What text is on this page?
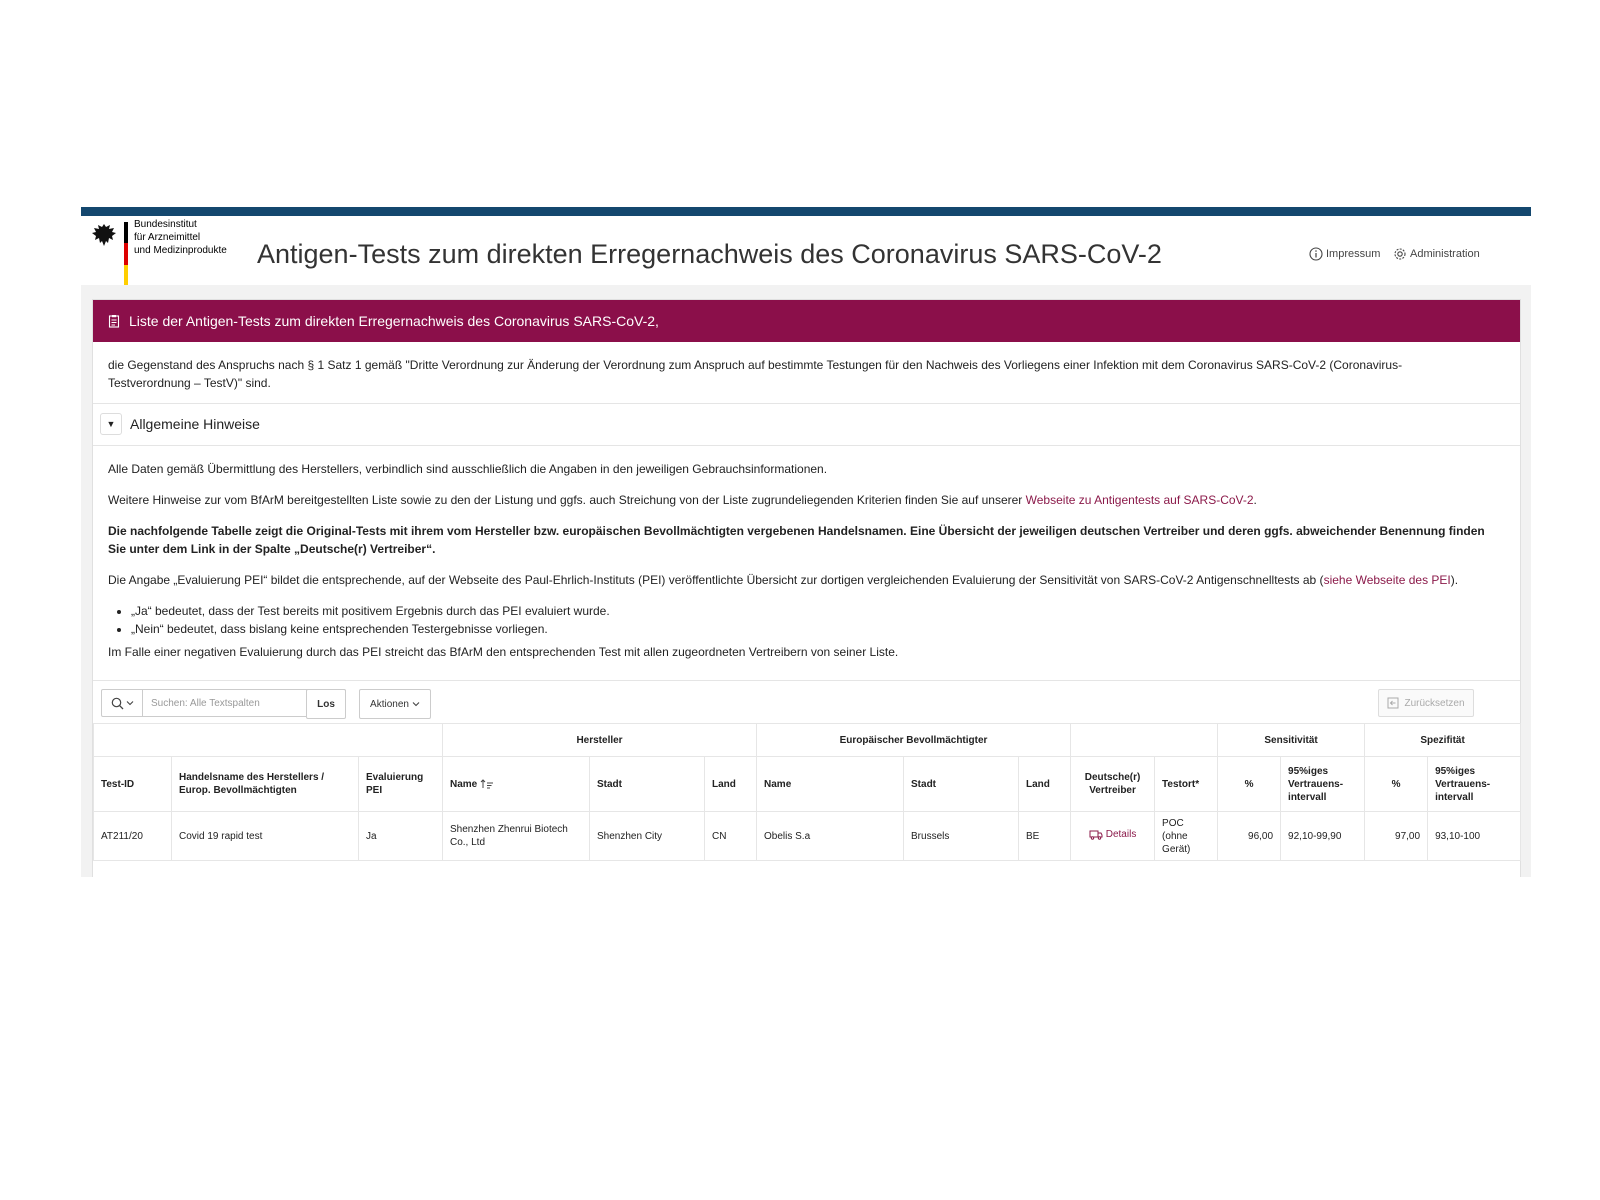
Bundesinstitut
für Arzneimittel
und Medizinprodukte Antigen-Tests zum direkten Erregernachweis des Coronavirus SARS-CoV-2	Impressum	Administration
Liste der Antigen-Tests zum direkten Erregernachweis des Coronavirus SARS-CoV-2,
die Gegenstand des Anspruchs nach § 1 Satz 1 gemäß "Dritte Verordnung zur Änderung der Verordnung zum Anspruch auf bestimmte Testungen für den Nachweis des Vorliegens einer Infektion mit dem Coronavirus SARS-CoV-2 (Coronavirus-Testverordnung – TestV)" sind.
▼	Allgemeine Hinweise

Alle Daten gemäß Übermittlung des Herstellers, verbindlich sind ausschließlich die Angaben in den jeweiligen Gebrauchsinformationen.

Weitere Hinweise zur vom BfArM bereitgestellten Liste sowie zu den der Listung und ggfs. auch Streichung von der Liste zugrundeliegenden Kriterien finden Sie auf unserer Webseite zu Antigentests auf SARS-CoV-2.

Die nachfolgende Tabelle zeigt die Original-Tests mit ihrem vom Hersteller bzw. europäischen Bevollmächtigten vergebenen Handelsnamen. Eine Übersicht der jeweiligen deutschen Vertreiber und deren ggfs. abweichender Benennung finden Sie unter dem Link in der Spalte „Deutsche(r) Vertreiber“.

Die Angabe „Evaluierung PEI“ bildet die entsprechende, auf der Webseite des Paul-Ehrlich-Instituts (PEI) veröffentlichte Übersicht zur dortigen vergleichenden Evaluierung der Sensitivität von SARS-CoV-2 Antigenschnelltests ab (siehe Webseite des PEI).

• „Ja“ bedeutet, dass der Test bereits mit positivem Ergebnis durch das PEI evaluiert wurde.
• „Nein“ bedeutet, dass bislang keine entsprechenden Testergebnisse vorliegen.

Im Falle einer negativen Evaluierung durch das PEI streicht das BfArM den entsprechenden Test mit allen zugeordneten Vertreibern von seiner Liste.

Suchen: Alle Textspalten
Los	Aktionen	Zurücksetzen
			Hersteller			Europäischer Bevollmächtigter					Sensitivität		Spezifität	
Test-ID	Handelsname des Herstellers / Europ. Bevollmächtigten	Evaluierung PEI	Name	Stadt	Land	Name	Stadt	Land	Deutsche(r) Vertreiber	Testort*	%	95%iges Vertrauens-intervall	%	95%iges Vertrauens-intervall
AT211/20	Covid 19 rapid test	Ja	Shenzhen Zhenrui Biotech Co., Ltd	Shenzhen City	CN	Obelis S.a	Brussels	BE	Details	POC (ohne Gerät)	96,00	92,10-99,90	97,00	93,10-100
